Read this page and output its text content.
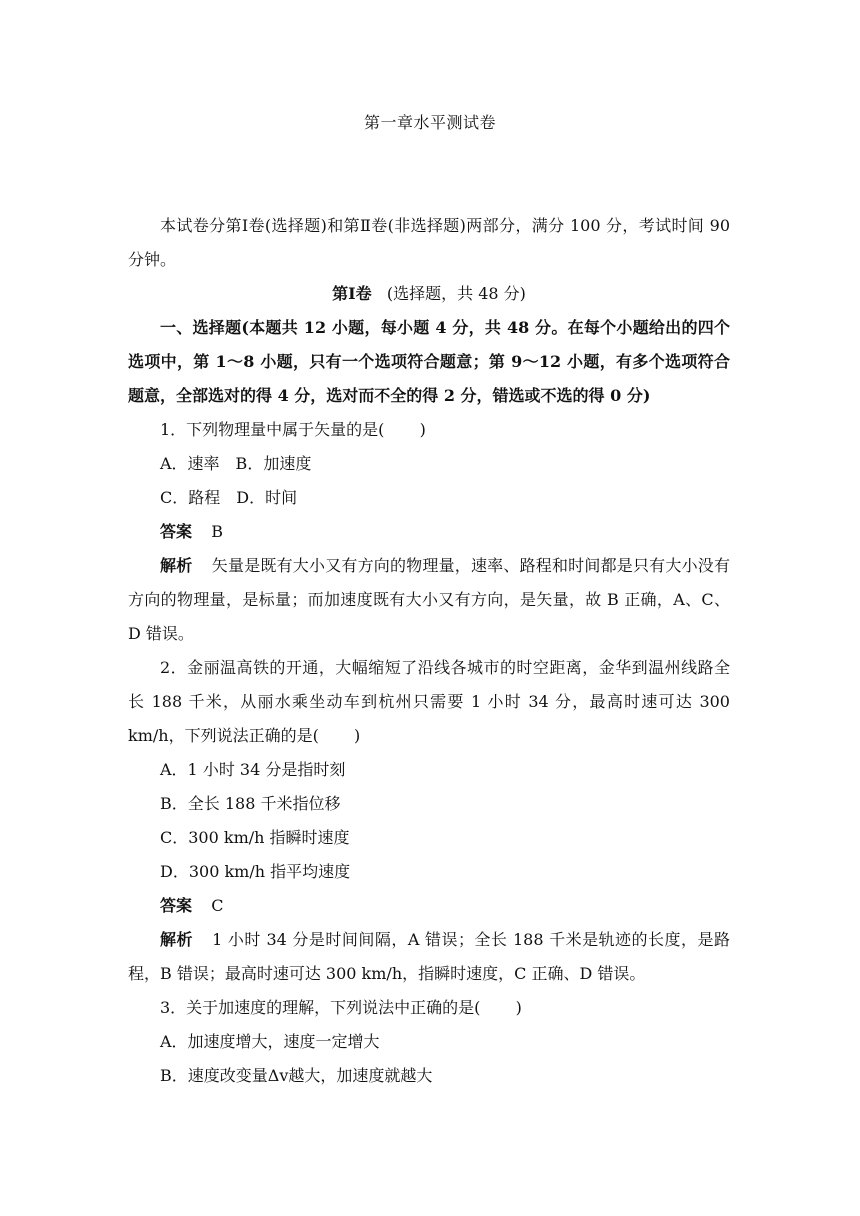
第一章水平测试卷

本试卷分第Ⅰ卷(选择题)和第Ⅱ卷(非选择题)两部分，满分 100 分，考试时间 90 分钟。

第Ⅰ卷 (选择题，共 48 分)

一、选择题(本题共 12 小题，每小题 4 分，共 48 分。在每个小题给出的四个选项中，第 1～8 小题，只有一个选项符合题意；第 9～12 小题，有多个选项符合题意，全部选对的得 4 分，选对而不全的得 2 分，错选或不选的得 0 分)

1．下列物理量中属于矢量的是( )

A．速率　B．加速度

C．路程　D．时间

答案 B

解析 矢量是既有大小又有方向的物理量，速率、路程和时间都是只有大小没有方向的物理量，是标量；而加速度既有大小又有方向，是矢量，故 B 正确，A、C、D 错误。

2．金丽温高铁的开通，大幅缩短了沿线各城市的时空距离，金华到温州线路全长 188 千米，从丽水乘坐动车到杭州只需要 1 小时 34 分，最高时速可达 300 km/h，下列说法正确的是( )

A．1 小时 34 分是指时刻

B．全长 188 千米指位移

C．300 km/h 指瞬时速度

D．300 km/h 指平均速度

答案 C

解析 1 小时 34 分是时间间隔，A 错误；全长 188 千米是轨迹的长度，是路程，B 错误；最高时速可达 300 km/h，指瞬时速度，C 正确、D 错误。

3．关于加速度的理解，下列说法中正确的是( )

A．加速度增大，速度一定增大

B．速度改变量Δv越大，加速度就越大
